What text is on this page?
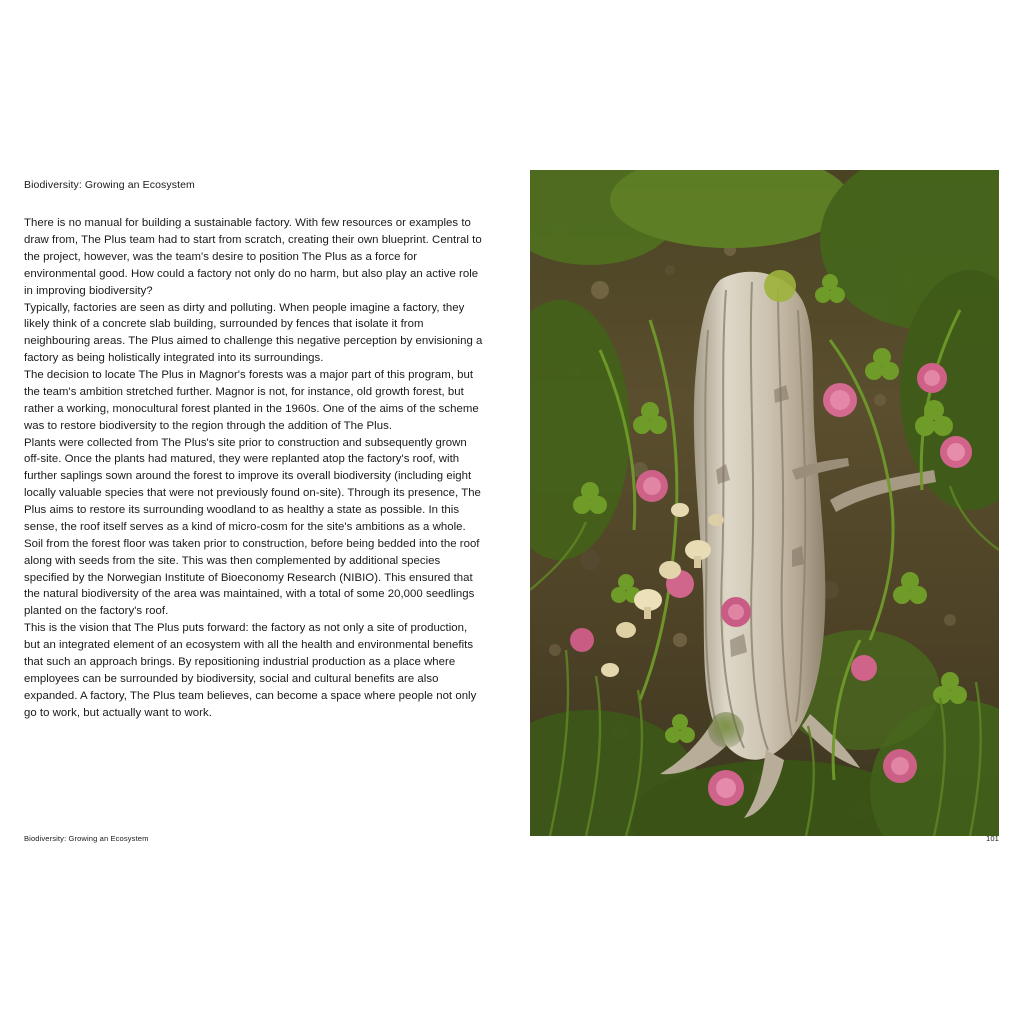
Biodiversity: Growing an Ecosystem

There is no manual for building a sustainable factory. With few resources or examples to draw from, The Plus team had to start from scratch, creating their own blueprint. Central to the project, however, was the team's desire to position The Plus as a force for environmental good. How could a factory not only do no harm, but also play an active role in improving biodiversity?

Typically, factories are seen as dirty and polluting. When people imagine a factory, they likely think of a concrete slab building, surrounded by fences that isolate it from neighbouring areas. The Plus aimed to challenge this negative perception by envisioning a factory as being holistically integrated into its surroundings.

The decision to locate The Plus in Magnor's forests was a major part of this program, but the team's ambition stretched further. Magnor is not, for instance, old growth forest, but rather a working, monocultural forest planted in the 1960s. One of the aims of the scheme was to restore biodiversity to the region through the addition of The Plus.

Plants were collected from The Plus's site prior to construction and subsequently grown off-site. Once the plants had matured, they were replanted atop the factory's roof, with further saplings sown around the forest to improve its overall biodiversity (including eight locally valuable species that were not previously found on-site). Through its presence, The Plus aims to restore its surrounding woodland to as healthy a state as possible. In this sense, the roof itself serves as a kind of micro-cosm for the site's ambitions as a whole. Soil from the forest floor was taken prior to construction, before being bedded into the roof along with seeds from the site. This was then complemented by additional species specified by the Norwegian Institute of Bioeconomy Research (NIBIO). This ensured that the natural biodiversity of the area was maintained, with a total of some 20,000 seedlings planted on the factory's roof.

This is the vision that The Plus puts forward: the factory as not only a site of production, but an integrated element of an ecosystem with all the health and environmental benefits that such an approach brings. By repositioning industrial production as a place where employees can be surrounded by biodiversity, social and cultural benefits are also expanded. A factory, The Plus team believes, can become a space where people not only go to work, but actually want to work.

Biodiversity: Growing an Ecosystem	101
